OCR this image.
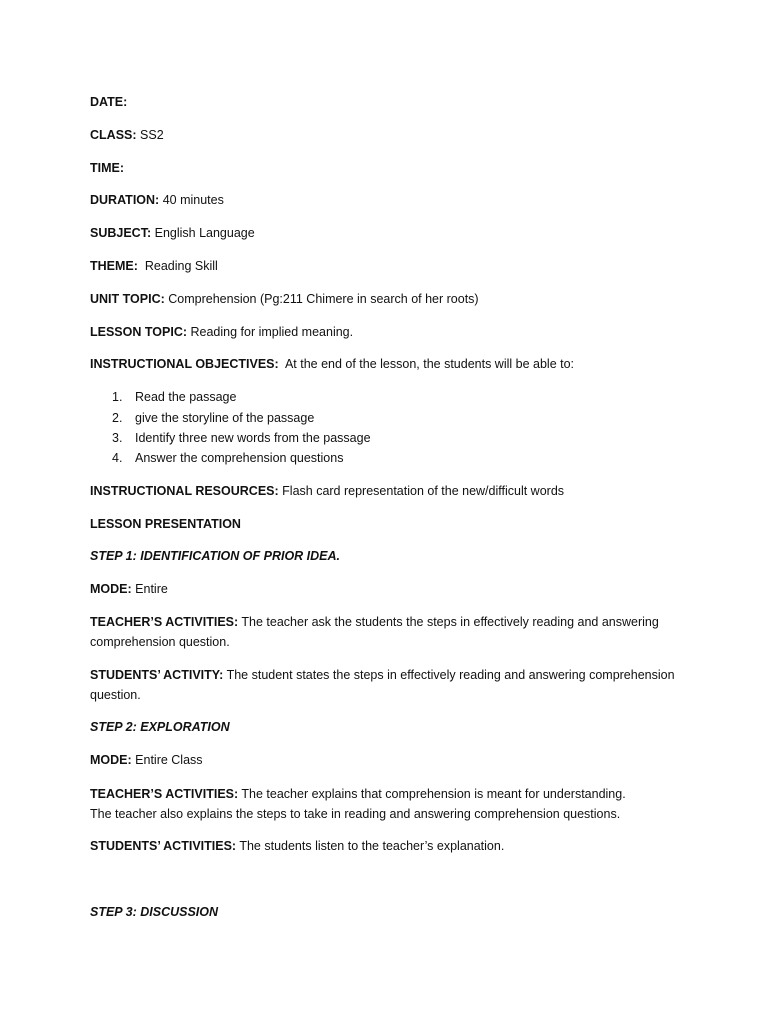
DATE:
CLASS: SS2
TIME:
DURATION: 40 minutes
SUBJECT: English Language
THEME: Reading Skill
UNIT TOPIC: Comprehension (Pg:211 Chimere in search of her roots)
LESSON TOPIC: Reading for implied meaning.
INSTRUCTIONAL OBJECTIVES: At the end of the lesson, the students will be able to:
1. Read the passage
2. give the storyline of the passage
3. Identify three new words from the passage
4. Answer the comprehension questions
INSTRUCTIONAL RESOURCES: Flash card representation of the new/difficult words
LESSON PRESENTATION
STEP 1: IDENTIFICATION OF PRIOR IDEA.
MODE: Entire
TEACHER’S ACTIVITIES: The teacher ask the students the steps in effectively reading and answering comprehension question.
STUDENTS’ ACTIVITY: The student states the steps in effectively reading and answering comprehension question.
STEP 2: EXPLORATION
MODE: Entire Class
TEACHER’S ACTIVITIES: The teacher explains that comprehension is meant for understanding. The teacher also explains the steps to take in reading and answering comprehension questions.
STUDENTS’ ACTIVITIES: The students listen to the teacher’s explanation.
STEP 3: DISCUSSION
